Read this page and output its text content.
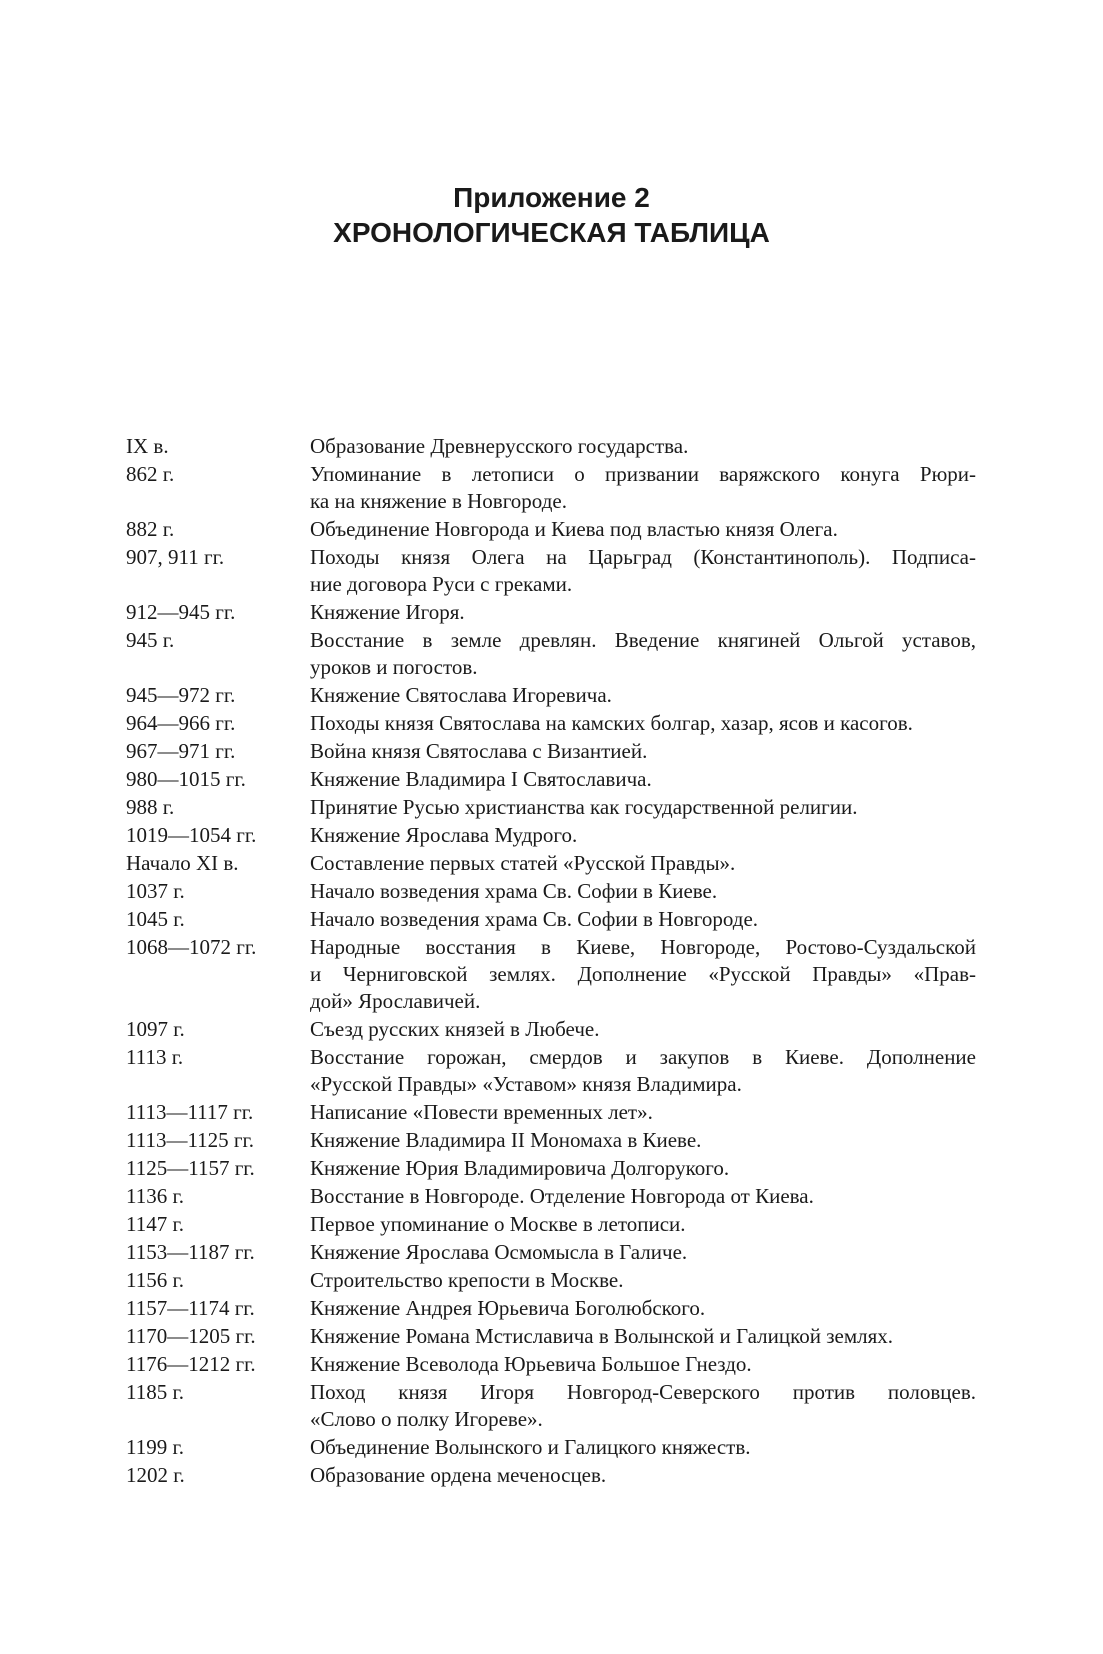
Приложение 2
ХРОНОЛОГИЧЕСКАЯ ТАБЛИЦА
IX в.	Образование Древнерусского государства.
862 г.	Упоминание в летописи о призвании варяжского конуга Рюри-
ка на княжение в Новгороде.
882 г.	Объединение Новгорода и Киева под властью князя Олега.
907, 911 гг.	Походы князя Олега на Царьград (Константинополь). Подписа-
ние договора Руси с греками.
912—945 гг.	Княжение Игоря.
945 г.	Восстание в земле древлян. Введение княгиней Ольгой уставов,
уроков и погостов.
945—972 гг.	Княжение Святослава Игоревича.
964—966 гг.	Походы князя Святослава на камских болгар, хазар, ясов и касогов.
967—971 гг.	Война князя Святослава с Византией.
980—1015 гг.	Княжение Владимира I Святославича.
988 г.	Принятие Русью христианства как государственной религии.
1019—1054 гг.	Княжение Ярослава Мудрого.
Начало XI в.	Составление первых статей «Русской Правды».
1037 г.	Начало возведения храма Св. Софии в Киеве.
1045 г.	Начало возведения храма Св. Софии в Новгороде.
1068—1072 гг.	Народные восстания в Киеве, Новгороде, Ростово-Суздальской
и Черниговской землях. Дополнение «Русской Правды» «Прав-
дой» Ярославичей.
1097 г.	Съезд русских князей в Любече.
1113 г.	Восстание горожан, смердов и закупов в Киеве. Дополнение
«Русской Правды» «Уставом» князя Владимира.
1113—1117 гг.	Написание «Повести временных лет».
1113—1125 гг.	Княжение Владимира II Мономаха в Киеве.
1125—1157 гг.	Княжение Юрия Владимировича Долгорукого.
1136 г.	Восстание в Новгороде. Отделение Новгорода от Киева.
1147 г.	Первое упоминание о Москве в летописи.
1153—1187 гг.	Княжение Ярослава Осмомысла в Галиче.
1156 г.	Строительство крепости в Москве.
1157—1174 гг.	Княжение Андрея Юрьевича Боголюбского.
1170—1205 гг.	Княжение Романа Мстиславича в Волынской и Галицкой землях.
1176—1212 гг.	Княжение Всеволода Юрьевича Большое Гнездо.
1185 г.	Поход князя Игоря Новгород-Северского против половцев.
«Слово о полку Игореве».
1199 г.	Объединение Волынского и Галицкого княжеств.
1202 г.	Образование ордена меченосцев.
